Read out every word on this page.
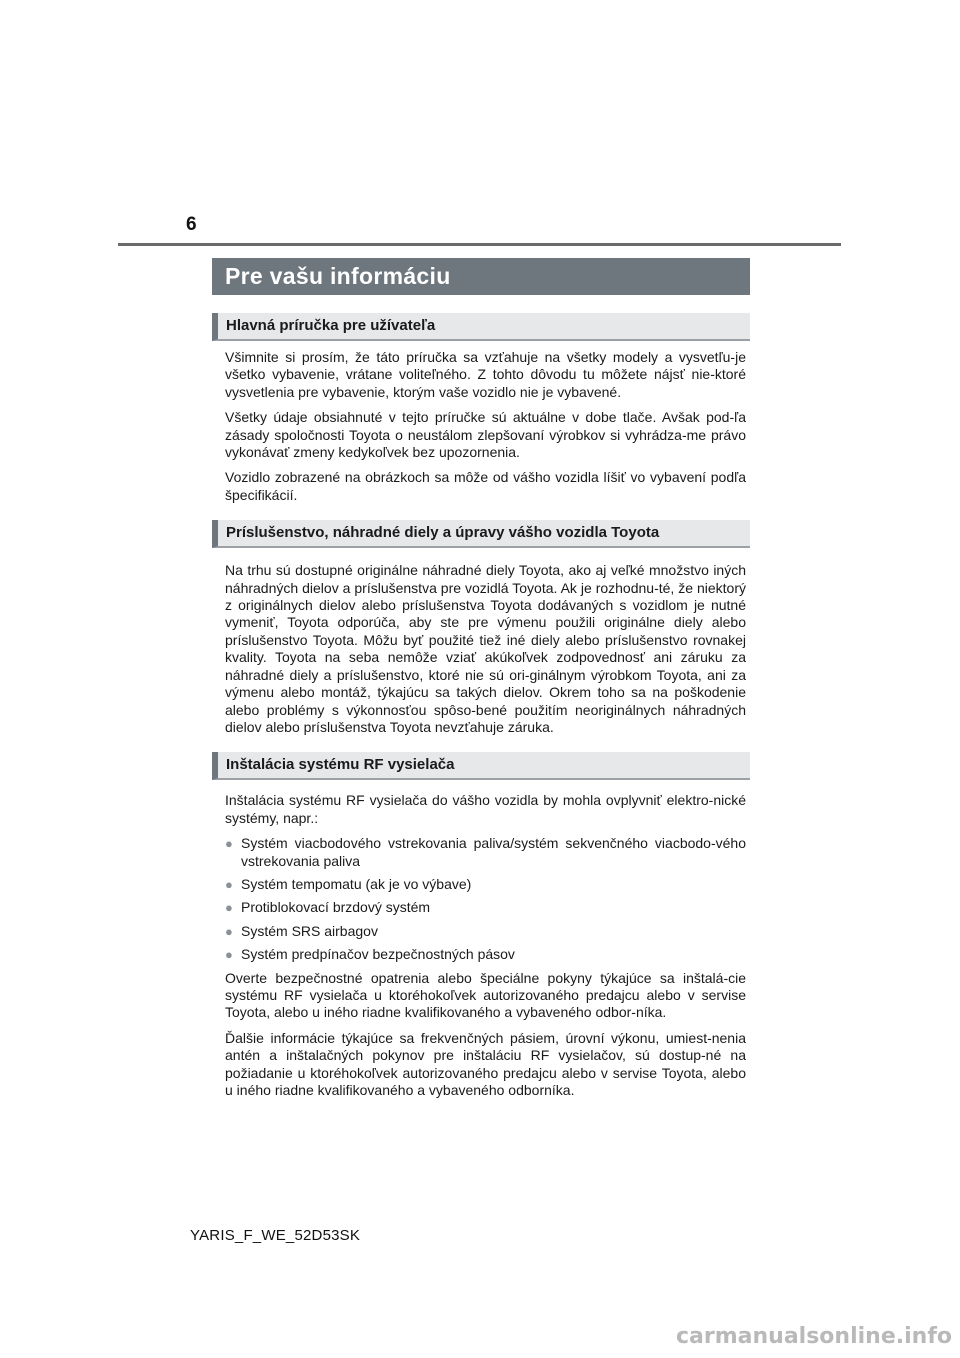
6
Pre vašu informáciu
Hlavná príručka pre užívateľa

Všimnite si prosím, že táto príručka sa vzťahuje na všetky modely a vysvetľu-je všetko vybavenie, vrátane voliteľného. Z tohto dôvodu tu môžete nájsť nie-ktoré vysvetlenia pre vybavenie, ktorým vaše vozidlo nie je vybavené.

Všetky údaje obsiahnuté v tejto príručke sú aktuálne v dobe tlače. Avšak pod-ľa zásady spoločnosti Toyota o neustálom zlepšovaní výrobkov si vyhrádza-me právo vykonávať zmeny kedykoľvek bez upozornenia.

Vozidlo zobrazené na obrázkoch sa môže od vášho vozidla líšiť vo vybavení podľa špecifikácií.

Príslušenstvo, náhradné diely a úpravy vášho vozidla Toyota

Na trhu sú dostupné originálne náhradné diely Toyota, ako aj veľké množstvo iných náhradných dielov a príslušenstva pre vozidlá Toyota. Ak je rozhodnu-té, že niektorý z originálnych dielov alebo príslušenstva Toyota dodávaných s vozidlom je nutné vymeniť, Toyota odporúča, aby ste pre výmenu použili originálne diely alebo príslušenstvo Toyota. Môžu byť použité tiež iné diely alebo príslušenstvo rovnakej kvality. Toyota na seba nemôže vziať akúkoľvek zodpovednosť ani záruku za náhradné diely a príslušenstvo, ktoré nie sú ori-ginálnym výrobkom Toyota, ani za výmenu alebo montáž, týkajúcu sa takých dielov. Okrem toho sa na poškodenie alebo problémy s výkonnosťou spôso-bené použitím neoriginálnych náhradných dielov alebo príslušenstva Toyota nevzťahuje záruka.

Inštalácia systému RF vysielača

Inštalácia systému RF vysielača do vášho vozidla by mohla ovplyvniť elektro-nické systémy, napr.:

● Systém viacbodového vstrekovania paliva/systém sekvenčného viacbodo-vého vstrekovania paliva
● Systém tempomatu (ak je vo výbave)
● Protiblokovací brzdový systém
● Systém SRS airbagov
● Systém predpínačov bezpečnostných pásov

Overte bezpečnostné opatrenia alebo špeciálne pokyny týkajúce sa inštalá-cie systému RF vysielača u ktoréhokoľvek autorizovaného predajcu alebo v servise Toyota, alebo u iného riadne kvalifikovaného a vybaveného odbor-níka.

Ďalšie informácie týkajúce sa frekvenčných pásiem, úrovní výkonu, umiest-nenia antén a inštalačných pokynov pre inštaláciu RF vysielačov, sú dostup-né na požiadanie u ktoréhokoľvek autorizovaného predajcu alebo v servise Toyota, alebo u iného riadne kvalifikovaného a vybaveného odborníka.

YARIS_F_WE_52D53SK
carmanualsonline.info
